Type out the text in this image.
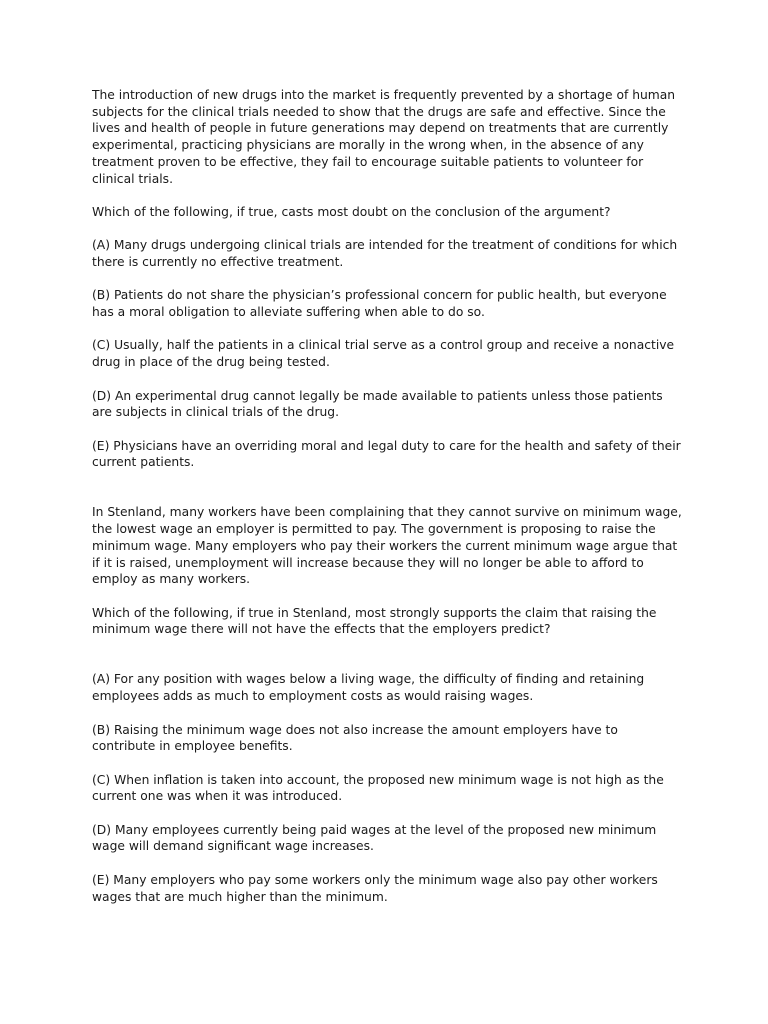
The introduction of new drugs into the market is frequently prevented by a shortage of human subjects for the clinical trials needed to show that the drugs are safe and effective. Since the lives and health of people in future generations may depend on treatments that are currently experimental, practicing physicians are morally in the wrong when, in the absence of any treatment proven to be effective, they fail to encourage suitable patients to volunteer for clinical trials.

Which of the following, if true, casts most doubt on the conclusion of the argument?

(A) Many drugs undergoing clinical trials are intended for the treatment of conditions for which there is currently no effective treatment.

(B) Patients do not share the physician’s professional concern for public health, but everyone has a moral obligation to alleviate suffering when able to do so.

(C) Usually, half the patients in a clinical trial serve as a control group and receive a nonactive drug in place of the drug being tested.

(D) An experimental drug cannot legally be made available to patients unless those patients are subjects in clinical trials of the drug.

(E) Physicians have an overriding moral and legal duty to care for the health and safety of their current patients.

In Stenland, many workers have been complaining that they cannot survive on minimum wage, the lowest wage an employer is permitted to pay. The government is proposing to raise the minimum wage. Many employers who pay their workers the current minimum wage argue that if it is raised, unemployment will increase because they will no longer be able to afford to employ as many workers.

Which of the following, if true in Stenland, most strongly supports the claim that raising the minimum wage there will not have the effects that the employers predict?

(A) For any position with wages below a living wage, the difficulty of finding and retaining employees adds as much to employment costs as would raising wages.

(B) Raising the minimum wage does not also increase the amount employers have to contribute in employee benefits.

(C) When inflation is taken into account, the proposed new minimum wage is not high as the current one was when it was introduced.

(D) Many employees currently being paid wages at the level of the proposed new minimum wage will demand significant wage increases.

(E) Many employers who pay some workers only the minimum wage also pay other workers wages that are much higher than the minimum.
